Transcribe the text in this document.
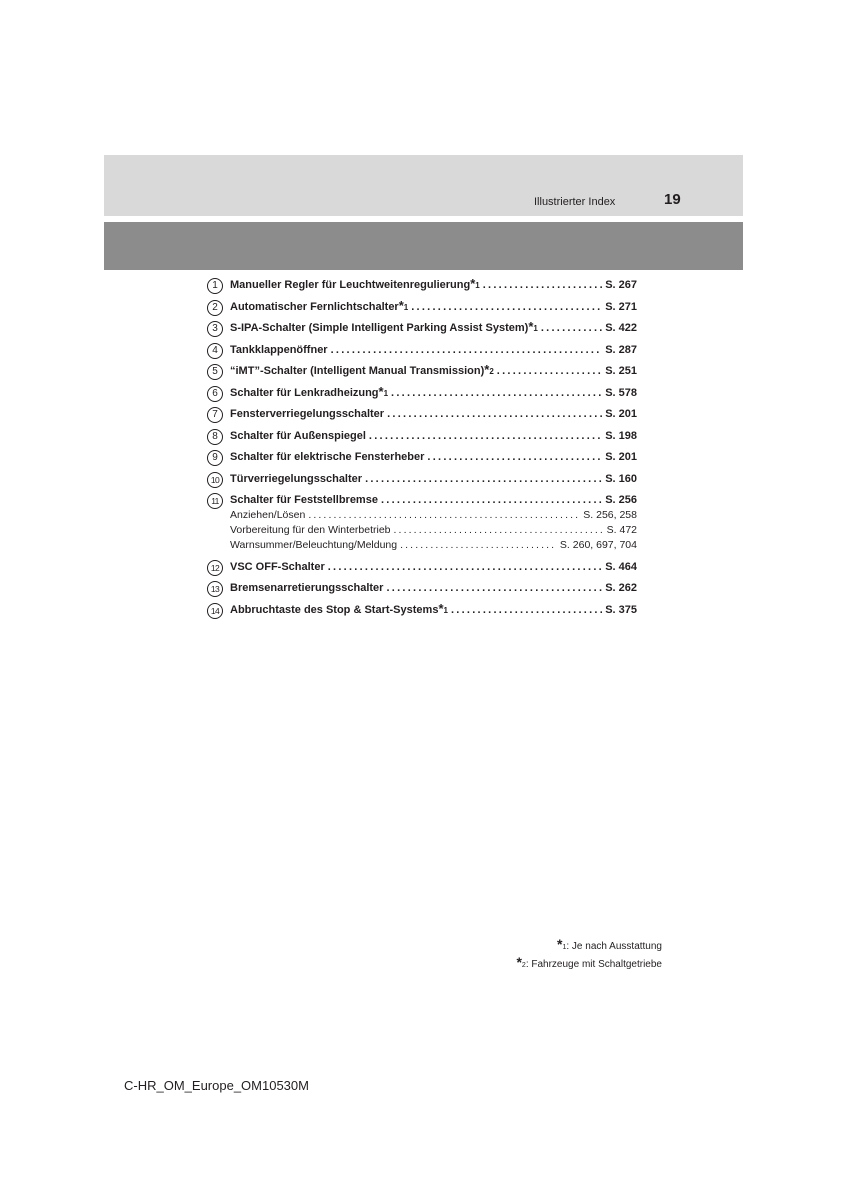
Illustrierter Index	19
1	Manueller Regler für Leuchtweitenregulierung *1 . . .	S. 267
2	Automatischer Fernlichtschalter *1 . . .	S. 271
3	S-IPA-Schalter (Simple Intelligent Parking Assist System) *1 . . .	S. 422
4	Tankklappenöffner . . .	S. 287
5	“iMT”-Schalter (Intelligent Manual Transmission) *2 . . .	S. 251
6	Schalter für Lenkradheizung *1 . . .	S. 578
7	Fensterverriegelungsschalter . . .	S. 201
8	Schalter für Außenspiegel . . .	S. 198
9	Schalter für elektrische Fensterheber . . .	S. 201
10 Türverriegelungsschalter . . .	S. 160
11	Schalter für Feststellbremse . . .	S. 256
Anziehen/Lösen . . .	S. 256, 258
Vorbereitung für den Winterbetrieb . . .	S. 472
Warnsummer/Beleuchtung/Meldung . . .	S. 260, 697, 704
12 VSC OFF-Schalter . . .	S. 464
13 Bremsenarretierungsschalter . . .	S. 262
14 Abbruchtaste des Stop & Start-Systems *1 . . .	S. 375
*1: Je nach Ausstattung
*2: Fahrzeuge mit Schaltgetriebe
C-HR_OM_Europe_OM10530M
